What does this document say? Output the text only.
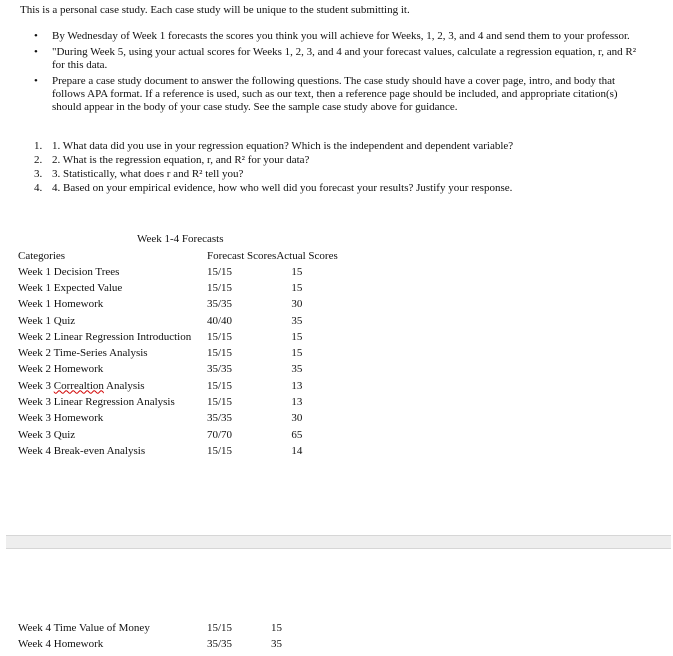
This is a personal case study. Each case study will be unique to the student submitting it.
• By Wednesday of Week 1 forecasts the scores you think you will achieve for Weeks, 1, 2, 3, and 4 and send them to your professor.
• "During Week 5, using your actual scores for Weeks 1, 2, 3, and 4 and your forecast values, calculate a regression equation, r, and R² for this data.
• Prepare a case study document to answer the following questions. The case study should have a cover page, intro, and body that follows APA format. If a reference is used, such as our text, then a reference page should be included, and appropriate citation(s) should appear in the body of your case study. See the sample case study above for guidance.
1. 1. What data did you use in your regression equation? Which is the independent and dependent variable?
2. 2. What is the regression equation, r, and R² for your data?
3. 3. Statistically, what does r and R² tell you?
4. 4. Based on your empirical evidence, how who well did you forecast your results? Justify your response.
Week 1-4 Forecasts
Categories	Forecast Scores	Actual Scores
Week 1 Decision Trees	15/15	15
Week 1 Expected Value	15/15	15
Week 1 Homework	35/35	30
Week 1 Quiz	40/40	35
Week 2 Linear Regression Introduction	15/15	15
Week 2 Time-Series Analysis	15/15	15
Week 2 Homework	35/35	35
Week 3 Correaltion Analysis	15/15	13
Week 3 Linear Regression Analysis	15/15	13
Week 3 Homework	35/35	30
Week 3 Quiz	70/70	65
Week 4 Break-even Analysis	15/15	14
Week 4 Time Value of Money	15/15	15
Week 4 Homework	35/35	35
